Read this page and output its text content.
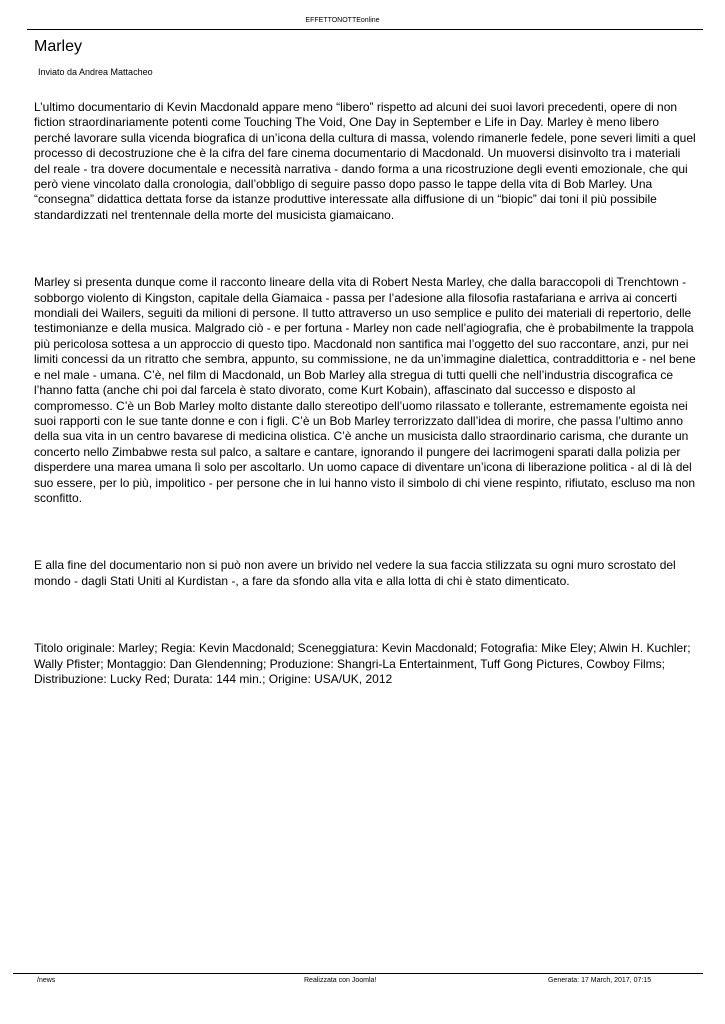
EFFETTONOTTEonline
Marley
Inviato da Andrea Mattacheo

L’ultimo documentario di Kevin Macdonald appare meno “libero” rispetto ad alcuni dei suoi lavori precedenti, opere di non fiction straordinariamente potenti come Touching The Void, One Day in September e Life in Day. Marley è meno libero perché lavorare sulla vicenda biografica di un’icona della cultura di massa, volendo rimanerle fedele, pone severi limiti a quel processo di decostruzione che è la cifra del fare cinema documentario di Macdonald. Un muoversi disinvolto tra i materiali del reale - tra dovere documentale e necessità narrativa - dando forma a una ricostruzione degli eventi emozionale, che qui però viene vincolato dalla cronologia, dall’obbligo di seguire passo dopo passo le tappe della vita di Bob Marley. Una “consegna” didattica dettata forse da istanze produttive interessate alla diffusione di un “biopic” dai toni il più possibile standardizzati nel trentennale della morte del musicista giamaicano.

Marley si presenta dunque come il racconto lineare della vita di Robert Nesta Marley, che dalla baraccopoli di Trenchtown - sobborgo violento di Kingston, capitale della Giamaica - passa per l’adesione alla filosofia rastafariana e arriva ai concerti mondiali dei Wailers, seguiti da milioni di persone. Il tutto attraverso un uso semplice e pulito dei materiali di repertorio, delle testimonianze e della musica. Malgrado ciò - e per fortuna - Marley non cade nell’agiografia, che è probabilmente la trappola più pericolosa sottesa a un approccio di questo tipo. Macdonald non santifica mai l’oggetto del suo raccontare, anzi, pur nei limiti concessi da un ritratto che sembra, appunto, su commissione, ne da un’immagine dialettica, contraddittoria e - nel bene e nel male - umana. C’è, nel film di Macdonald, un Bob Marley alla stregua di tutti quelli che nell’industria discografica ce l’hanno fatta (anche chi poi dal farcela è stato divorato, come Kurt Kobain), affascinato dal successo e disposto al compromesso. C’è un Bob Marley molto distante dallo stereotipo dell’uomo rilassato e tollerante, estremamente egoista nei suoi rapporti con le sue tante donne e con i figli. C’è un Bob Marley terrorizzato dall’idea di morire, che passa l’ultimo anno della sua vita in un centro bavarese di medicina olistica. C’è anche un musicista dallo straordinario carisma, che durante un concerto nello Zimbabwe resta sul palco, a saltare e cantare, ignorando il pungere dei lacrimogeni sparati dalla polizia per disperdere una marea umana lì solo per ascoltarlo. Un uomo capace di diventare un’icona di liberazione politica - al di là del suo essere, per lo più, impolitico - per persone che in lui hanno visto il simbolo di chi viene respinto, rifiutato, escluso ma non sconfitto.

E alla fine del documentario non si può non avere un brivido nel vedere la sua faccia stilizzata su ogni muro scrostato del mondo - dagli Stati Uniti al Kurdistan -, a fare da sfondo alla vita e alla lotta di chi è stato dimenticato.

Titolo originale: Marley; Regia: Kevin Macdonald; Sceneggiatura: Kevin Macdonald; Fotografia: Mike Eley; Alwin H. Kuchler; Wally Pfister; Montaggio: Dan Glendenning; Produzione: Shangri-La Entertainment, Tuff Gong Pictures, Cowboy Films; Distribuzione: Lucky Red; Durata: 144 min.; Origine: USA/UK, 2012

/news	Realizzata con Joomla!	Generata: 17 March, 2017, 07:15
